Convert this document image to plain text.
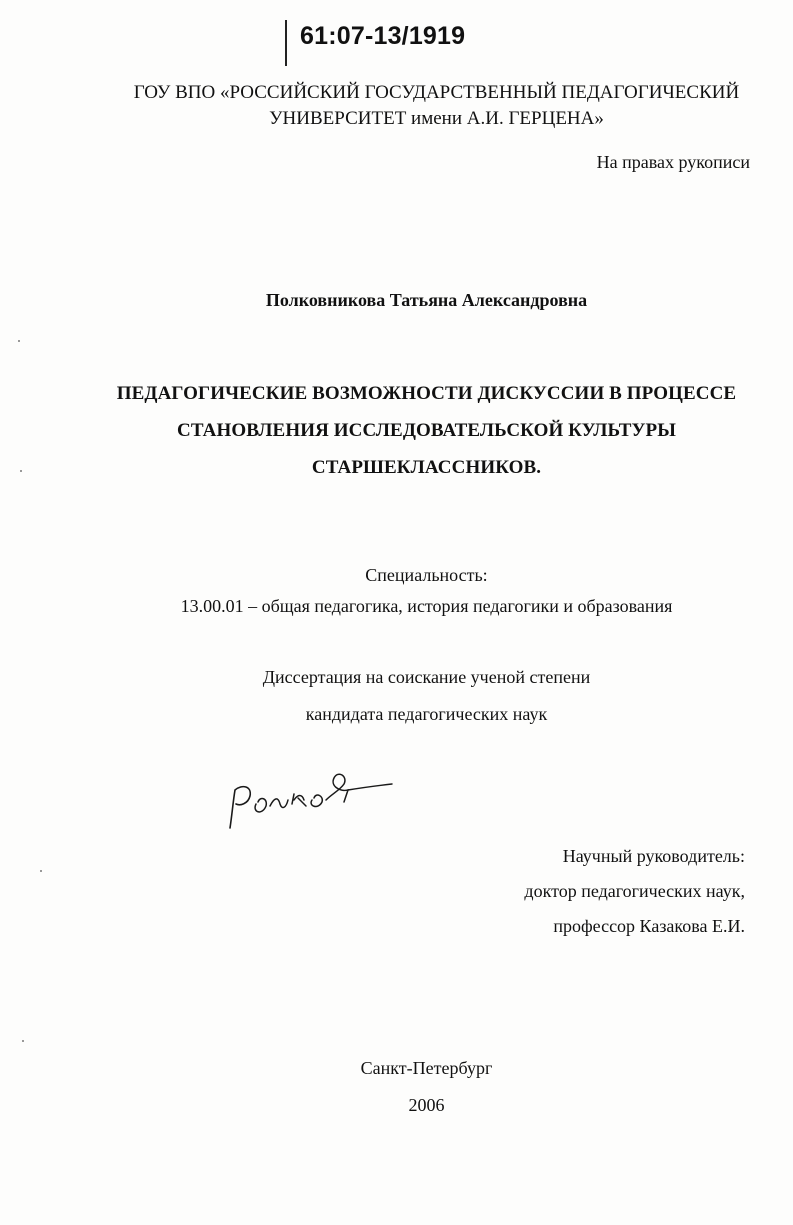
61:07-13/1919
ГОУ ВПО «РОССИЙСКИЙ ГОСУДАРСТВЕННЫЙ ПЕДАГОГИЧЕСКИЙ
УНИВЕРСИТЕТ имени А.И. ГЕРЦЕНА»
На правах рукописи
Полковникова Татьяна Александровна
ПЕДАГОГИЧЕСКИЕ ВОЗМОЖНОСТИ ДИСКУССИИ В ПРОЦЕССЕ
СТАНОВЛЕНИЯ ИССЛЕДОВАТЕЛЬСКОЙ КУЛЬТУРЫ
СТАРШЕКЛАССНИКОВ.
Специальность:
13.00.01 – общая педагогика, история педагогики и образования
Диссертация на соискание ученой степени
кандидата педагогических наук
Научный руководитель:
доктор педагогических наук,
профессор Казакова Е.И.
Санкт-Петербург
2006
